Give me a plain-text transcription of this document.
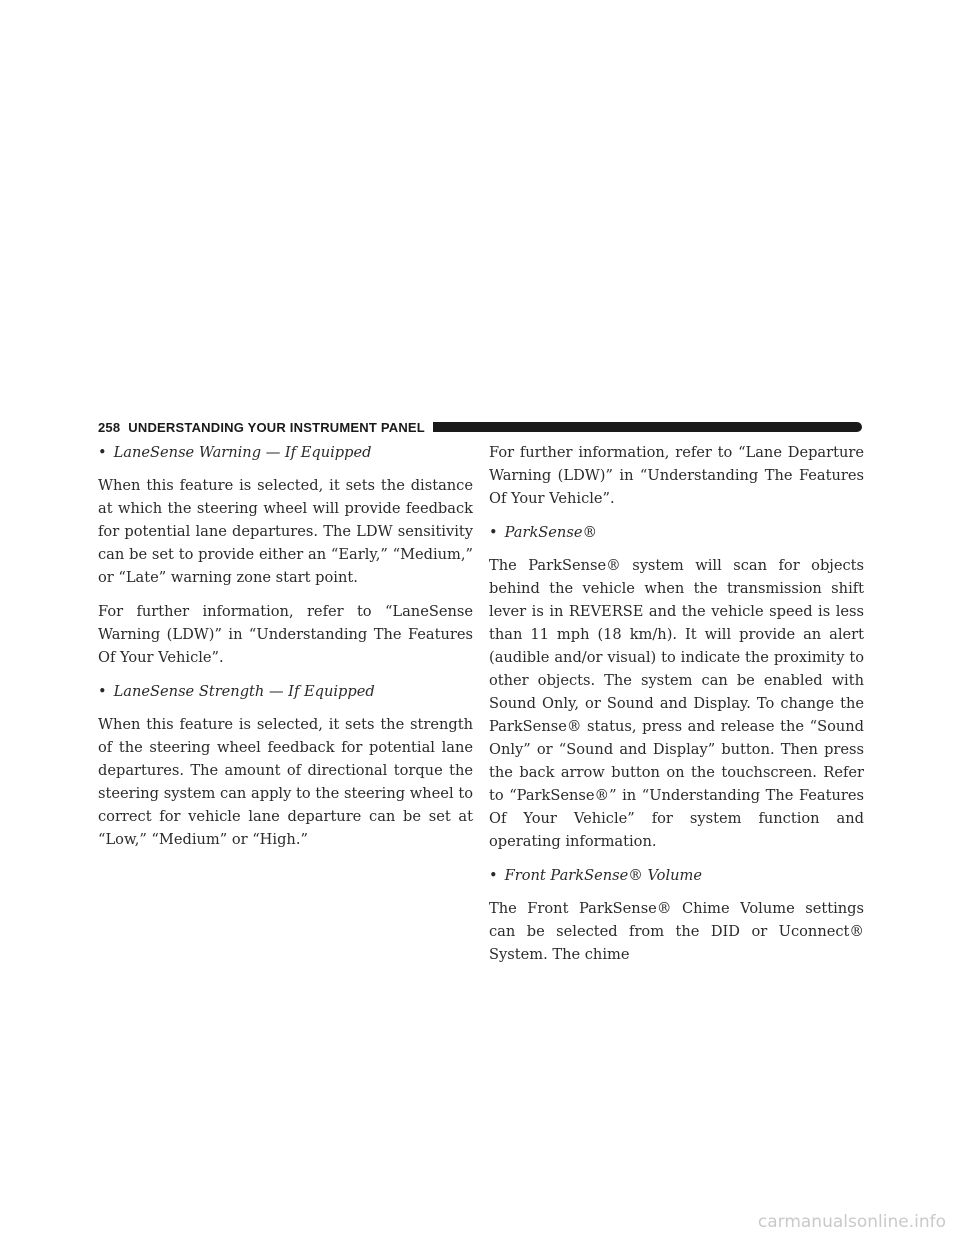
258 UNDERSTANDING YOUR INSTRUMENT PANEL

• LaneSense Warning — If Equipped

When this feature is selected, it sets the distance at which the steering wheel will provide feedback for potential lane departures. The LDW sensitivity can be set to provide either an “Early,” “Medium,” or “Late” warning zone start point.

For further information, refer to “LaneSense Warning (LDW)” in “Understanding The Features Of Your Vehicle”.

• LaneSense Strength — If Equipped

When this feature is selected, it sets the strength of the steering wheel feedback for potential lane departures. The amount of directional torque the steering system can apply to the steering wheel to correct for vehicle lane departure can be set at “Low,” “Medium” or “High.”

For further information, refer to “Lane Departure Warning (LDW)” in “Understanding The Features Of Your Vehicle”.

• ParkSense®

The ParkSense® system will scan for objects behind the vehicle when the transmission shift lever is in REVERSE and the vehicle speed is less than 11 mph (18 km/h). It will provide an alert (audible and/or visual) to indicate the proximity to other objects. The system can be enabled with Sound Only, or Sound and Display. To change the ParkSense® status, press and release the “Sound Only” or “Sound and Display” button. Then press the back arrow button on the touchscreen. Refer to “ParkSense®” in “Understanding The Features Of Your Vehicle” for system function and operating information.

• Front ParkSense® Volume

The Front ParkSense® Chime Volume settings can be selected from the DID or Uconnect® System. The chime

carmanualsonline.info
